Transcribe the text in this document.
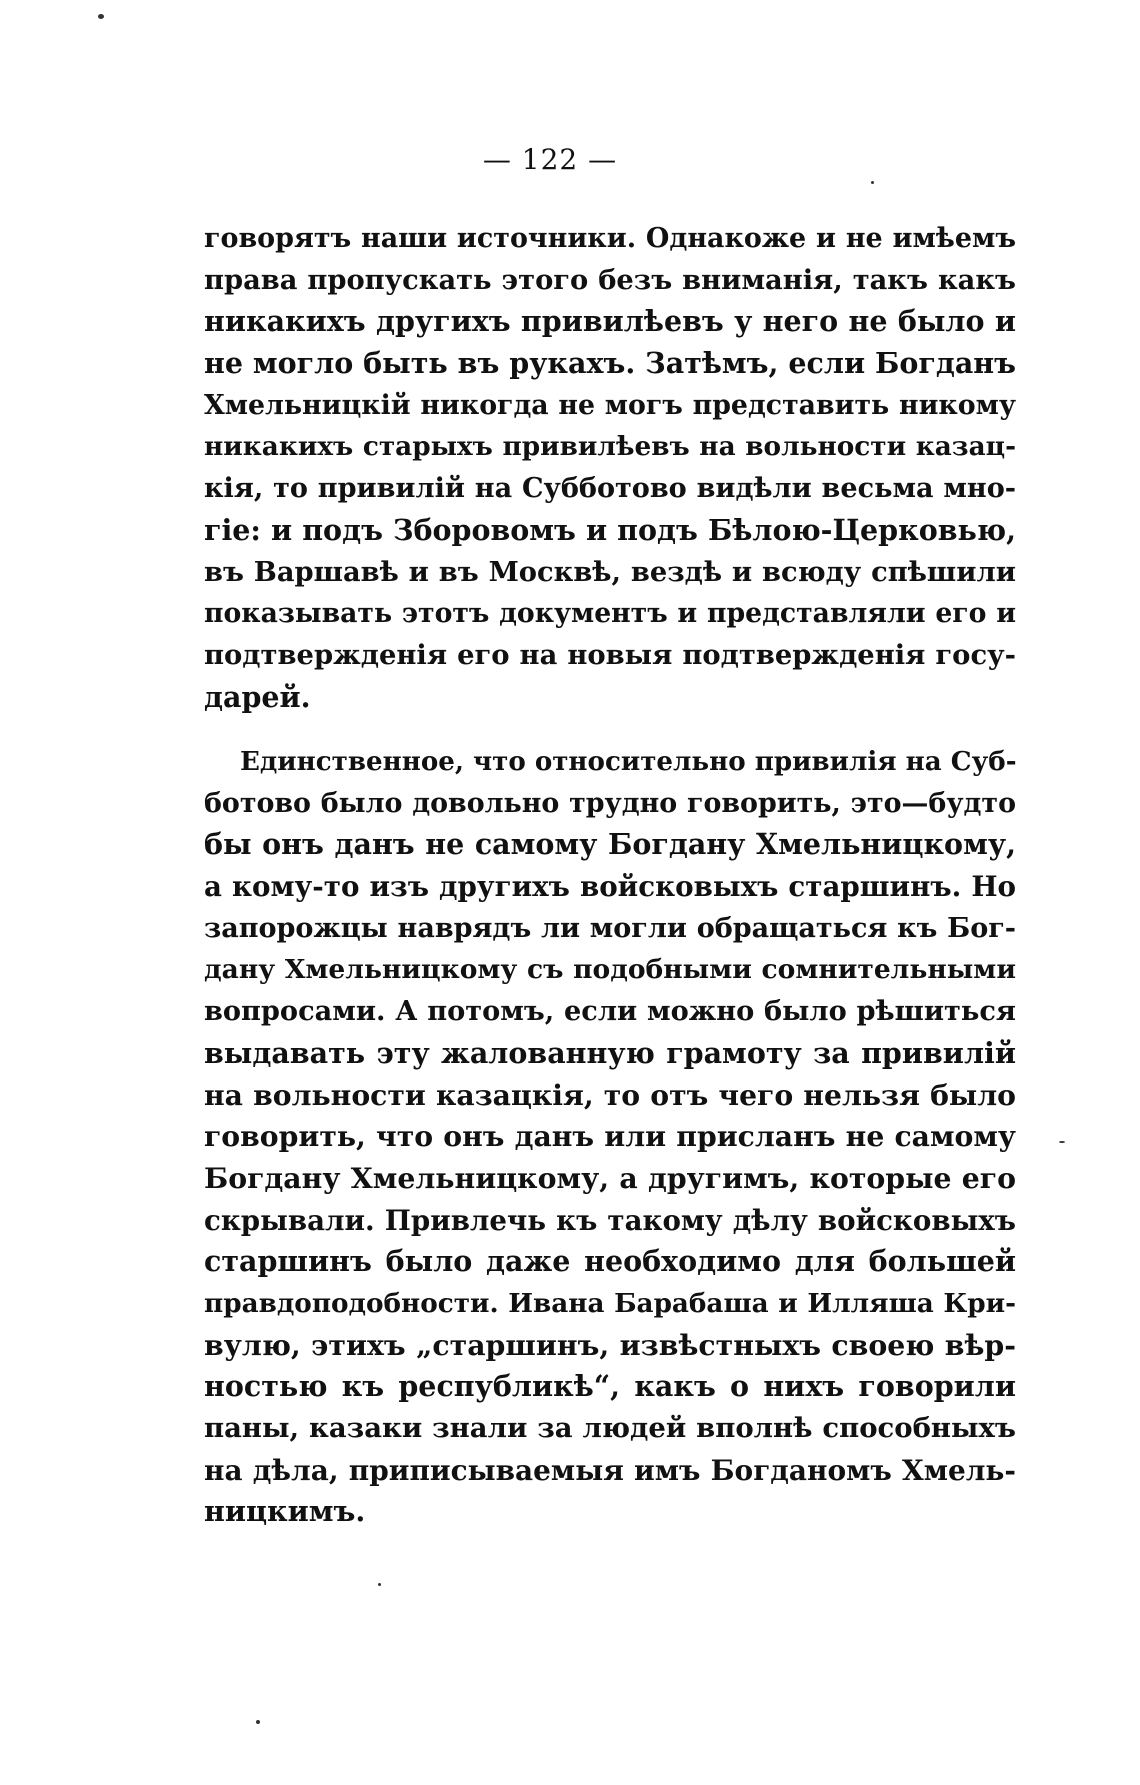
— 122 —
говорятъ наши источники. Однакоже и не имѣемъ
права пропускать этого безъ вниманія, такъ какъ
никакихъ другихъ привилѣевъ у него не было и
не могло быть въ рукахъ. Затѣмъ, если Богданъ
Хмельницкій никогда не могъ представить никому
никакихъ старыхъ привилѣевъ на вольности казац-
кія, то привилій на Субботово видѣли весьма мно-
гіе: и подъ Зборовомъ и подъ Бѣлою-Церковью,
въ Варшавѣ и въ Москвѣ, вездѣ и всюду спѣшили
показывать этотъ документъ и представляли его и
подтвержденія его на новыя подтвержденія госу-
дарей.
Единственное, что относительно привилія на Суб-
ботово было довольно трудно говорить, это—будто
бы онъ данъ не самому Богдану Хмельницкому,
а кому-то изъ другихъ войсковыхъ старшинъ. Но
запорожцы наврядъ ли могли обращаться къ Бог-
дану Хмельницкому съ подобными сомнительными
вопросами. А потомъ, если можно было рѣшиться
выдавать эту жалованную грамоту за привилій
на вольности казацкія, то отъ чего нельзя было
говорить, что онъ данъ или присланъ не самому
Богдану Хмельницкому, а другимъ, которые его
скрывали. Привлечь къ такому дѣлу войсковыхъ
старшинъ было даже необходимо для большей
правдоподобности. Ивана Барабаша и Илляша Кри-
вулю, этихъ „старшинъ, извѣстныхъ своею вѣр-
ностью къ республикѣ“, какъ о нихъ говорили
паны, казаки знали за людей вполнѣ способныхъ
на дѣла, приписываемыя имъ Богданомъ Хмель-
ницкимъ.
